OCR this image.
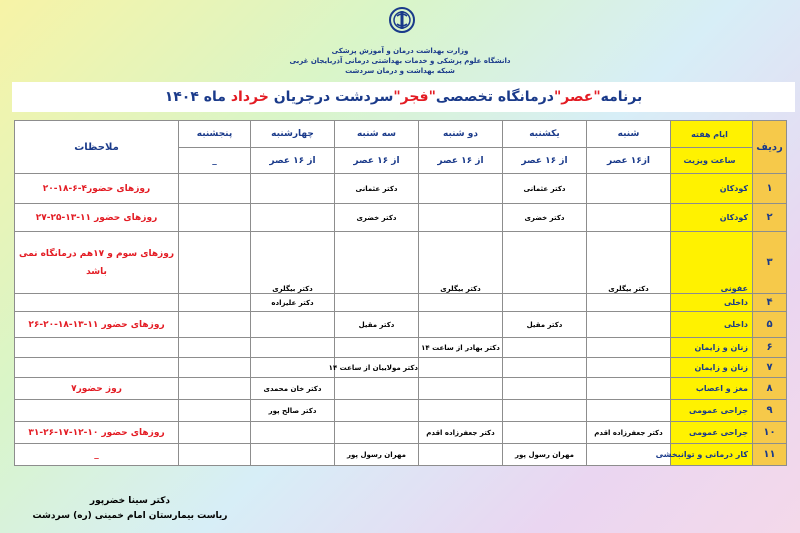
وزارت بهداشت درمان و آموزش پزشکی
دانشگاه علوم پزشکی و خدمات بهداشتی درمانی آذربایجان غربی
شبکه بهداشت و درمان سردشت
برنامه
"عصر"
درمانگاه تخصصی
"فجر"
سردشت درجریان

خرداد

ماه ۱۴۰۴
ردیف	ایام هفته	شنبه	یکشنبه	دو شنبه	سه شنبه	چهارشنبه	پنجشنبه	ملاحظات
	ساعت ویزیت	از۱۶ عصر	از ۱۶ عصر	از ۱۶ عصر	از ۱۶ عصر	از ۱۶ عصر	_	
۱	کودکان		دکتر عثمانی		دکتر عثمانی			روزهای حضور۴-۶-۱۸-۲۰
۲	کودکان		دکتر خضری		دکتر خضری			روزهای حضور ۱۱-۱۳-۲۵-۲۷
۳	عفونی	دکتر بیگلری		دکتر بیگلری		دکتر بیگلری		روزهای سوم و ۱۷هم درمانگاه نمی باشد
۴	داخلی					دکتر علیزاده		
۵	داخلی		دکتر مقیل		دکتر مقیل			روزهای حضور ۱۱-۱۳-۱۸-۲۰-۲۶
۶	زنان و زایمان			دکتر بهادر از ساعت ۱۴				
۷	زنان و زایمان				دکتر مولاییان از ساعت ۱۴			
۸	مغز و اعصاب					دکتر خان محمدی		روز حضور۷
۹	جراحی عمومی					دکتر صالح پور		
۱۰	جراحی عمومی	دکتر جعفرزاده اقدم		دکتر جعفرزاده اقدم				روزهای حضور ۱۰-۱۲-۱۷-۲۶-۳۱
۱۱	کار درمانی و توانبخشی		مهران رسول پور		مهران رسول پور			_
دکتر سینا خضرپور
ریاست بیمارستان امام خمینی (ره) سردشت
